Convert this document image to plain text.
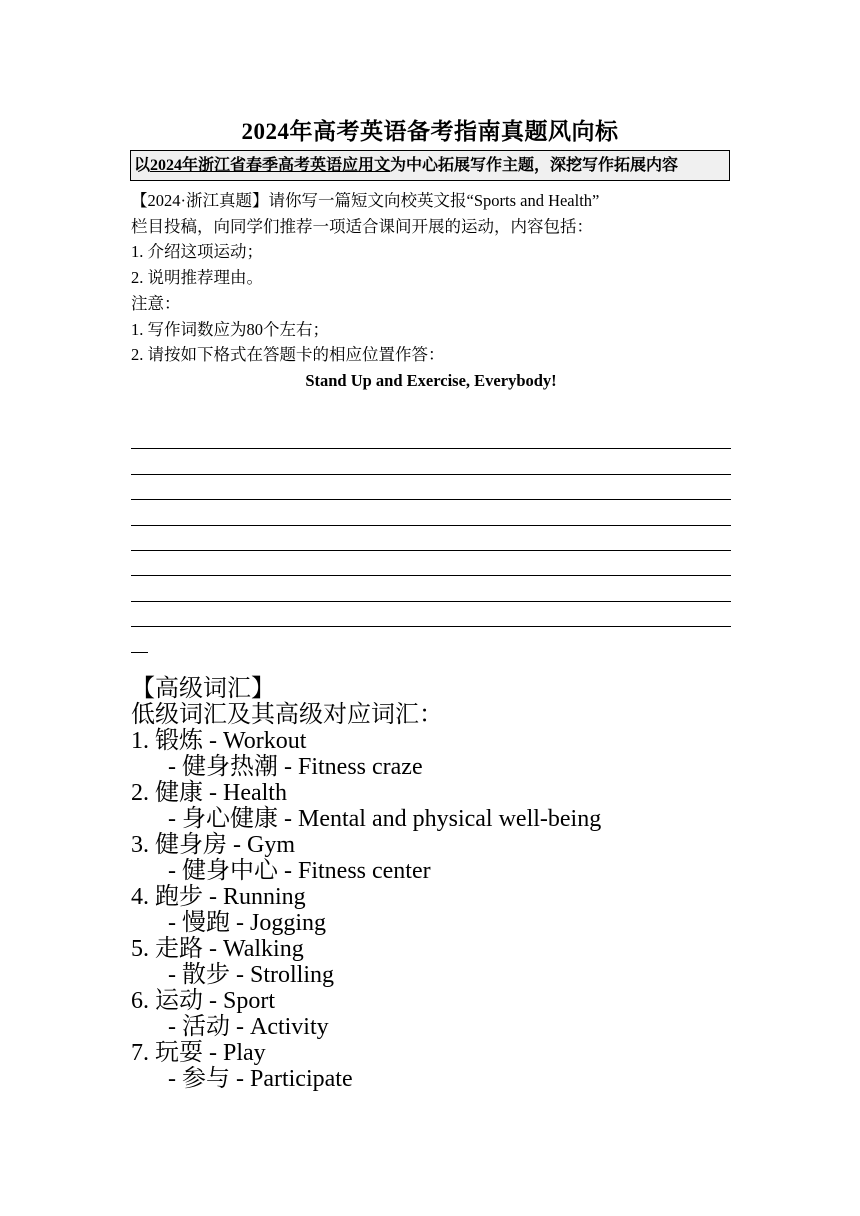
2024年高考英语备考指南真题风向标
以2024年浙江省春季高考英语应用文为中心拓展写作主题，深挖写作拓展内容
【2024·浙江真题】请你写一篇短文向校英文报“Sports and Health”
栏目投稿，向同学们推荐一项适合课间开展的运动，内容包括：
1. 介绍这项运动；
2. 说明推荐理由。
注意：
1. 写作词数应为80个左右；
2. 请按如下格式在答题卡的相应位置作答：
Stand Up and Exercise, Everybody!
【高级词汇】
低级词汇及其高级对应词汇：
1. 锻炼 - Workout
- 健身热潮 - Fitness craze
2. 健康 - Health
- 身心健康 - Mental and physical well-being
3. 健身房 - Gym
- 健身中心 - Fitness center
4. 跑步 - Running
- 慢跑 - Jogging
5. 走路 - Walking
- 散步 - Strolling
6. 运动 - Sport
- 活动 - Activity
7. 玩耍 - Play
- 参与 - Participate
